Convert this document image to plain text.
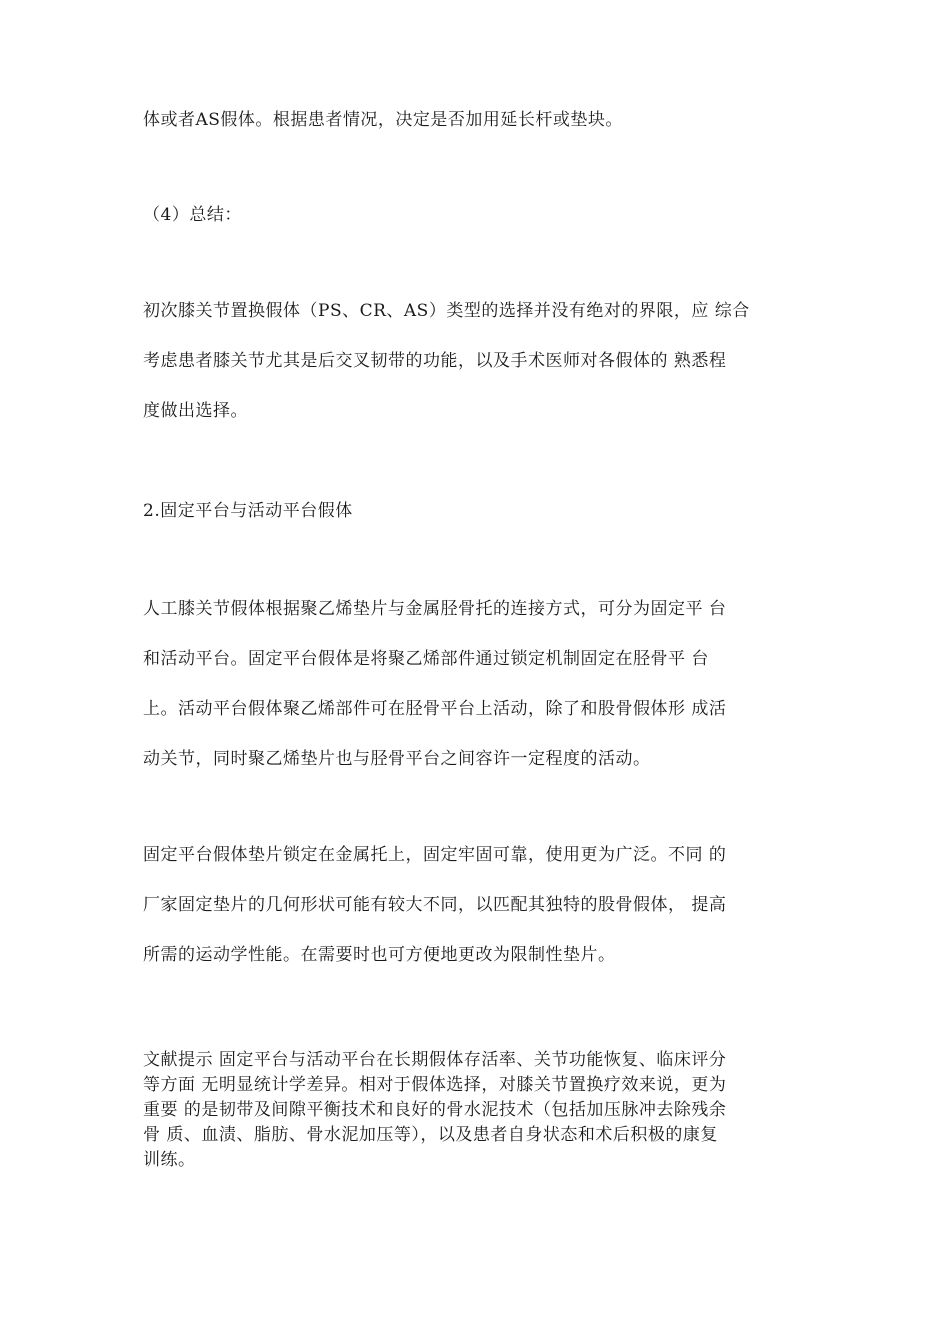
体或者AS假体。根据患者情况，决定是否加用延长杆或垫块。
（4）总结：
初次膝关节置换假体（PS、CR、AS）类型的选择并没有绝对的界限，应 综合
考虑患者膝关节尤其是后交叉韧带的功能，以及手术医师对各假体的 熟悉程
度做出选择。
2.固定平台与活动平台假体
人工膝关节假体根据聚乙烯垫片与金属胫骨托的连接方式，可分为固定平 台
和活动平台。固定平台假体是将聚乙烯部件通过锁定机制固定在胫骨平 台
上。活动平台假体聚乙烯部件可在胫骨平台上活动，除了和股骨假体形 成活
动关节，同时聚乙烯垫片也与胫骨平台之间容许一定程度的活动。
固定平台假体垫片锁定在金属托上，固定牢固可靠，使用更为广泛。不同 的
厂家固定垫片的几何形状可能有较大不同，以匹配其独特的股骨假体， 提高
所需的运动学性能。在需要时也可方便地更改为限制性垫片。
文献提示 固定平台与活动平台在长期假体存活率、关节功能恢复、临床评分
等方面 无明显统计学差异。相对于假体选择，对膝关节置换疗效来说，更为
重要 的是韧带及间隙平衡技术和良好的骨水泥技术（包括加压脉冲去除残余
骨 质、血渍、脂肪、骨水泥加压等），以及患者自身状态和术后积极的康复
训练。
